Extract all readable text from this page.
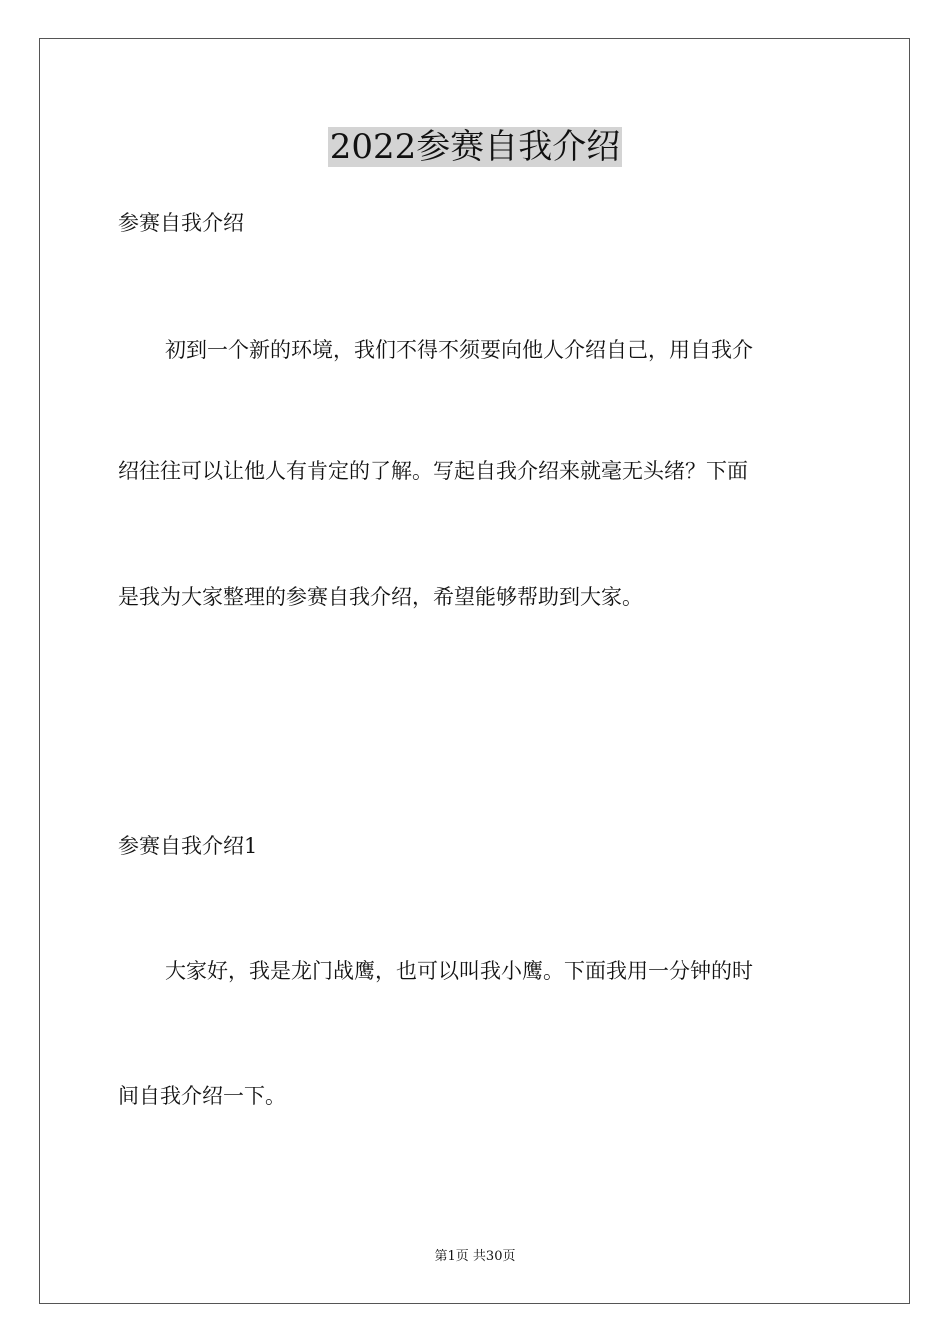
2022参赛自我介绍
参赛自我介绍
初到一个新的环境，我们不得不须要向他人介绍自己，用自我介
绍往往可以让他人有肯定的了解。写起自我介绍来就毫无头绪？下面
是我为大家整理的参赛自我介绍，希望能够帮助到大家。
参赛自我介绍1
大家好，我是龙门战鹰，也可以叫我小鹰。下面我用一分钟的时
间自我介绍一下。
第1页 共30页
